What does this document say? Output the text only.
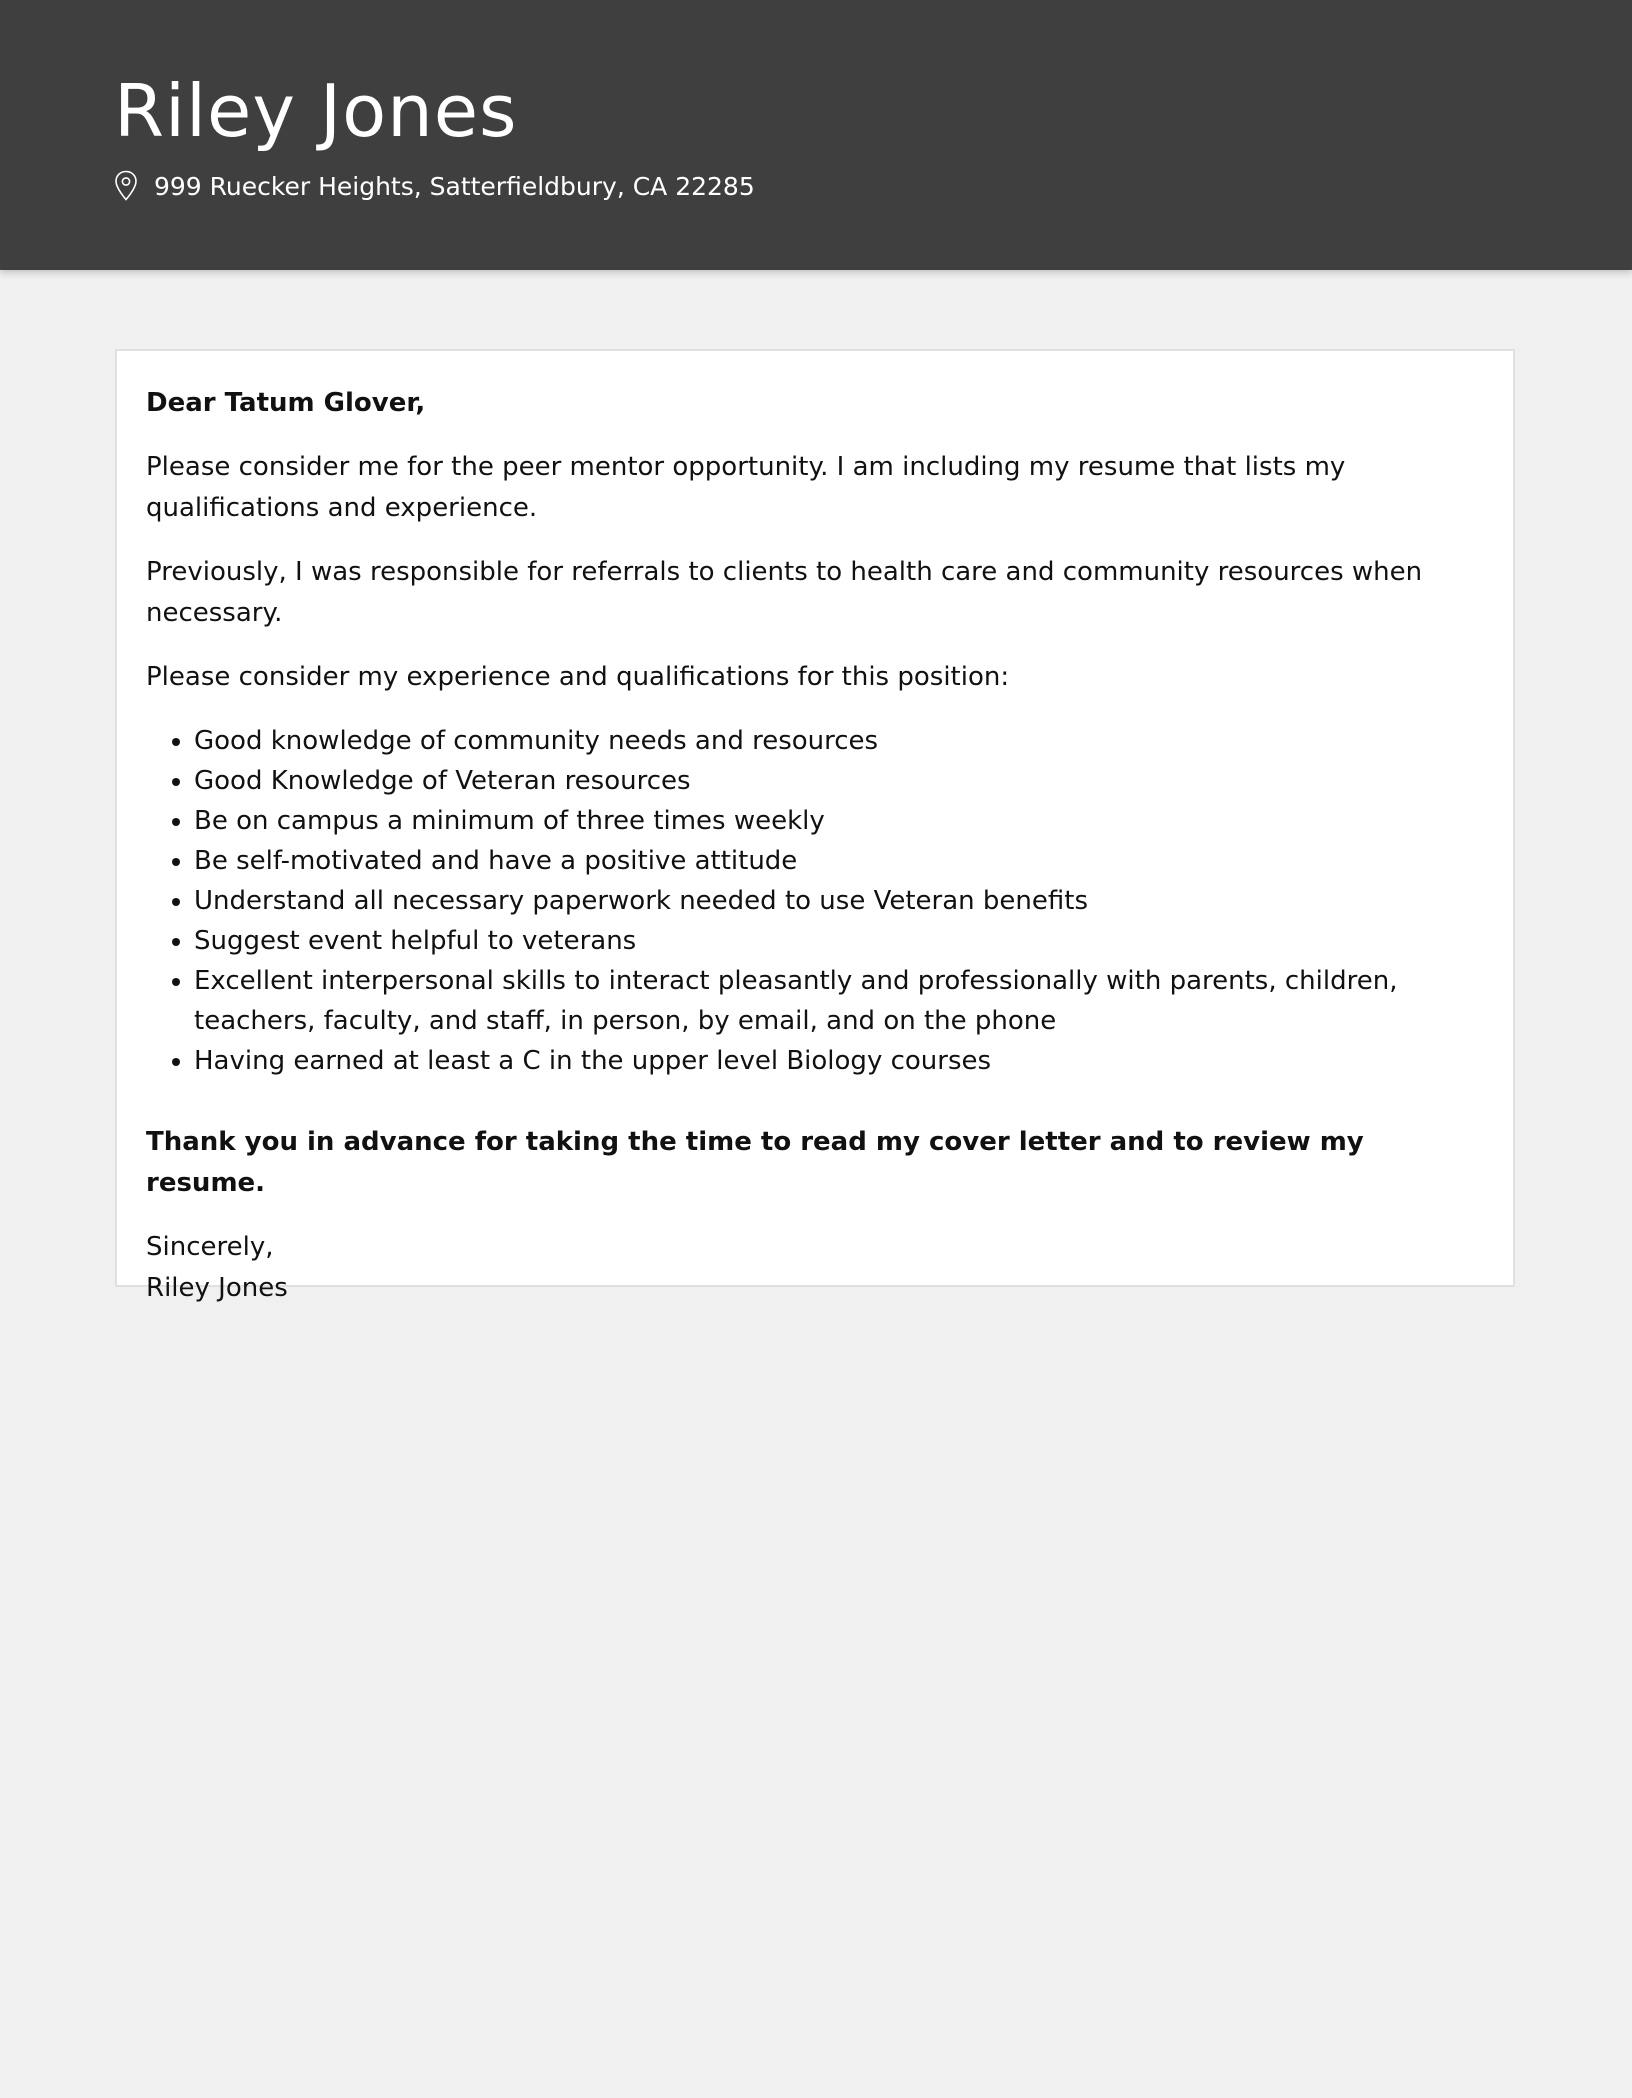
Riley Jones
999 Ruecker Heights, Satterfieldbury, CA 22285

Dear Tatum Glover,

Please consider me for the peer mentor opportunity. I am including my resume that lists my qualifications and experience.

Previously, I was responsible for referrals to clients to health care and community resources when necessary.

Please consider my experience and qualifications for this position:

• Good knowledge of community needs and resources
• Good Knowledge of Veteran resources
• Be on campus a minimum of three times weekly
• Be self-motivated and have a positive attitude
• Understand all necessary paperwork needed to use Veteran benefits
• Suggest event helpful to veterans
• Excellent interpersonal skills to interact pleasantly and professionally with parents, children, teachers, faculty, and staff, in person, by email, and on the phone
• Having earned at least a C in the upper level Biology courses

Thank you in advance for taking the time to read my cover letter and to review my resume.

Sincerely,

Riley Jones
